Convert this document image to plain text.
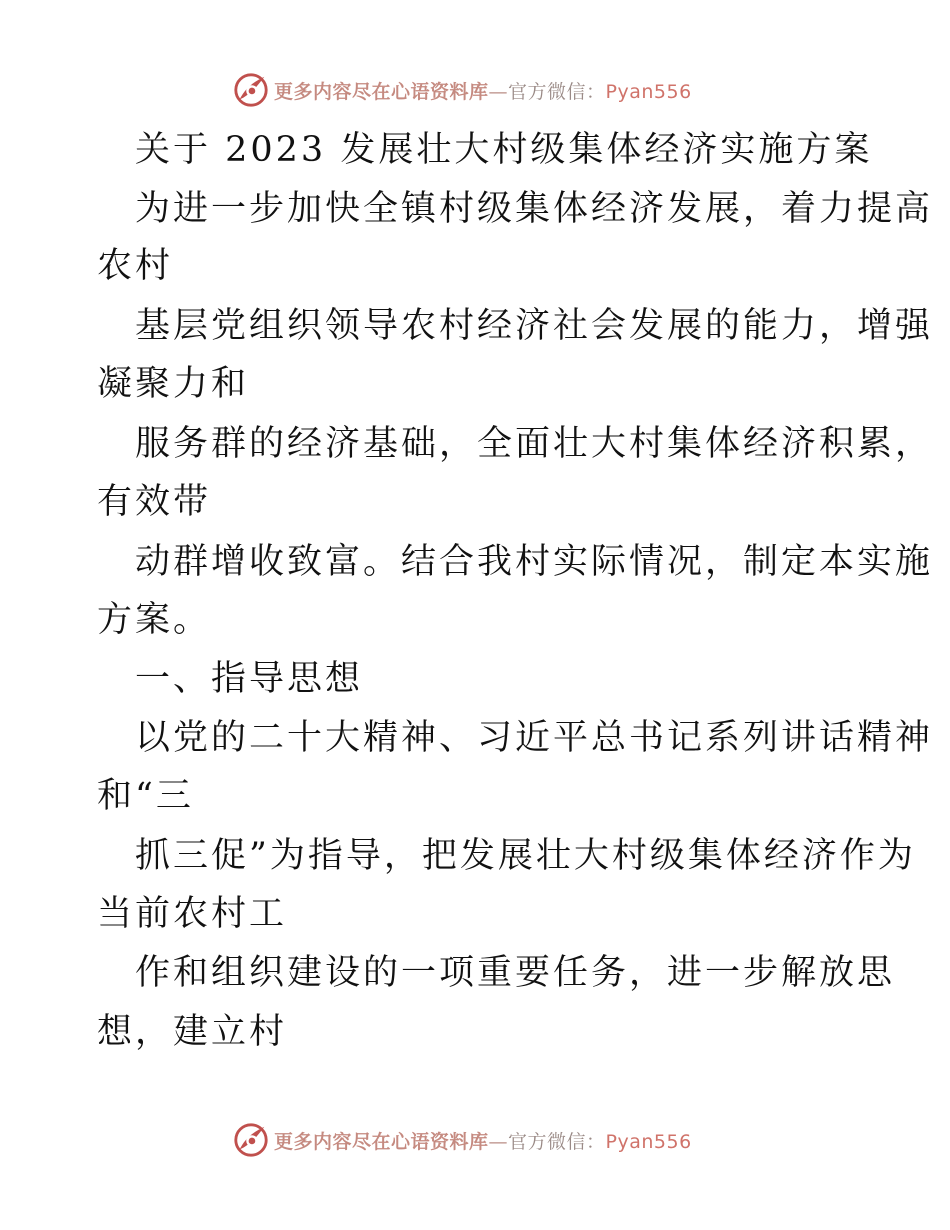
更多内容尽在心语资料库—官方微信：Pyan556
关于 2023 发展壮大村级集体经济实施方案
为进一步加快全镇村级集体经济发展，着力提高
农村
基层党组织领导农村经济社会发展的能力，增强
凝聚力和
服务群的经济基础，全面壮大村集体经济积累，
有效带
动群增收致富。结合我村实际情况，制定本实施
方案。
一、指导思想
以党的二十大精神、习近平总书记系列讲话精神
和“三
抓三促”为指导，把发展壮大村级集体经济作为
当前农村工
作和组织建设的一项重要任务，进一步解放思
想，建立村
更多内容尽在心语资料库—官方微信：Pyan556
